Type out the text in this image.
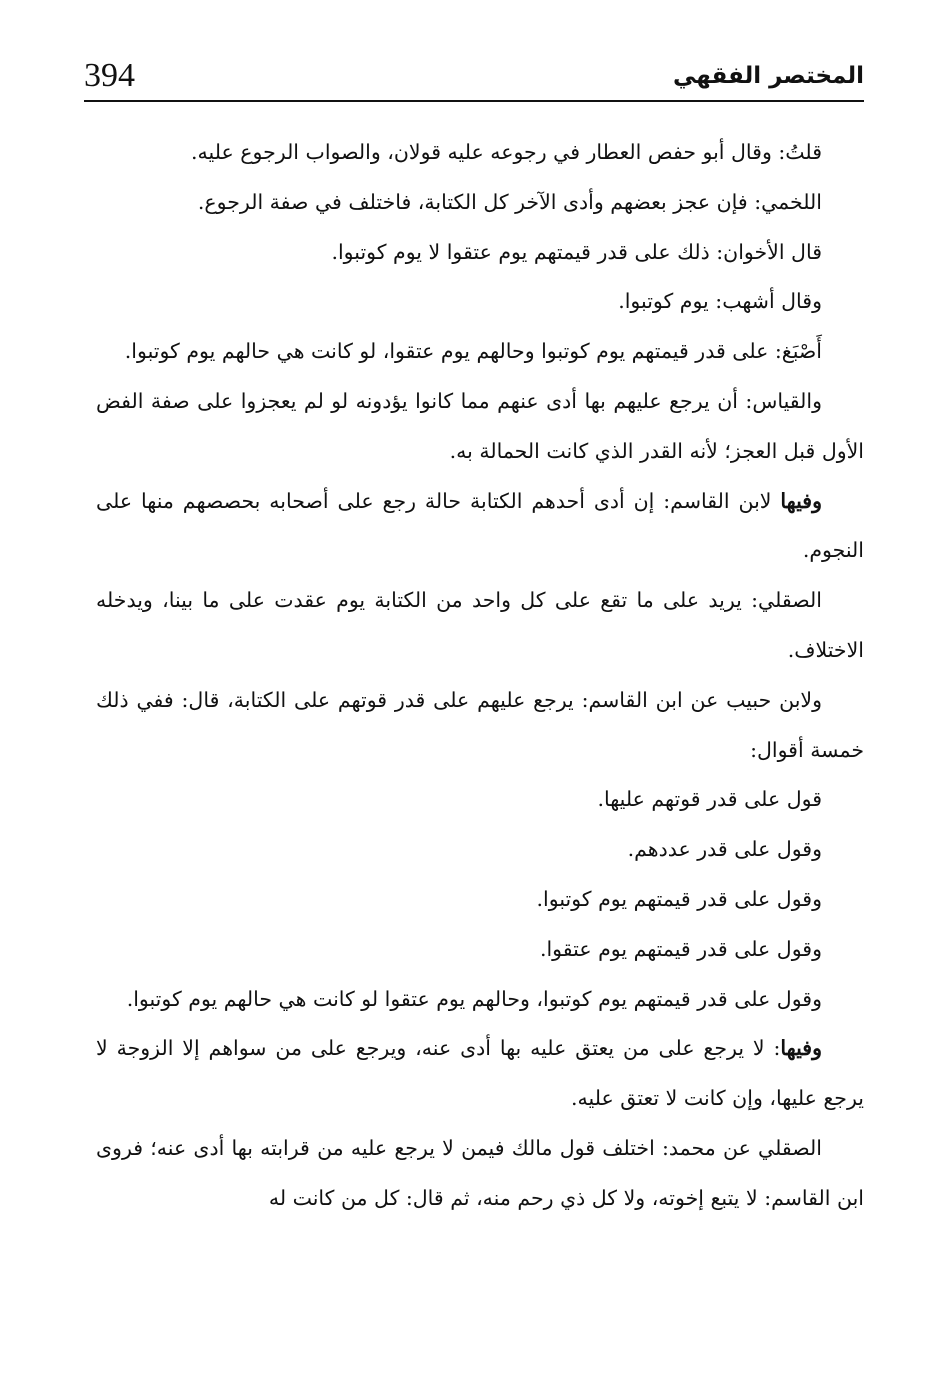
394	المختصر الفقهي

قلتُ: وقال أبو حفص العطار في رجوعه عليه قولان، والصواب الرجوع عليه.

اللخمي: فإن عجز بعضهم وأدى الآخر كل الكتابة، فاختلف في صفة الرجوع.

قال الأخوان: ذلك على قدر قيمتهم يوم عتقوا لا يوم كوتبوا.

وقال أشهب: يوم كوتبوا.

أَصْبَغ: على قدر قيمتهم يوم كوتبوا وحالهم يوم عتقوا، لو كانت هي حالهم يوم كوتبوا.

والقياس: أن يرجع عليهم بها أدى عنهم مما كانوا يؤدونه لو لم يعجزوا على صفة الفض الأول قبل العجز؛ لأنه القدر الذي كانت الحمالة به.

وفيها لابن القاسم: إن أدى أحدهم الكتابة حالة رجع على أصحابه بحصصهم منها على النجوم.

الصقلي: يريد على ما تقع على كل واحد من الكتابة يوم عقدت على ما بينا، ويدخله الاختلاف.

ولابن حبيب عن ابن القاسم: يرجع عليهم على قدر قوتهم على الكتابة، قال: ففي ذلك خمسة أقوال:

قول على قدر قوتهم عليها.

وقول على قدر عددهم.

وقول على قدر قيمتهم يوم كوتبوا.

وقول على قدر قيمتهم يوم عتقوا.

وقول على قدر قيمتهم يوم كوتبوا، وحالهم يوم عتقوا لو كانت هي حالهم يوم كوتبوا.

وفيها: لا يرجع على من يعتق عليه بها أدى عنه، ويرجع على من سواهم إلا الزوجة لا يرجع عليها، وإن كانت لا تعتق عليه.

الصقلي عن محمد: اختلف قول مالك فيمن لا يرجع عليه من قرابته بها أدى عنه؛ فروى ابن القاسم: لا يتبع إخوته، ولا كل ذي رحم منه، ثم قال: كل من كانت له
